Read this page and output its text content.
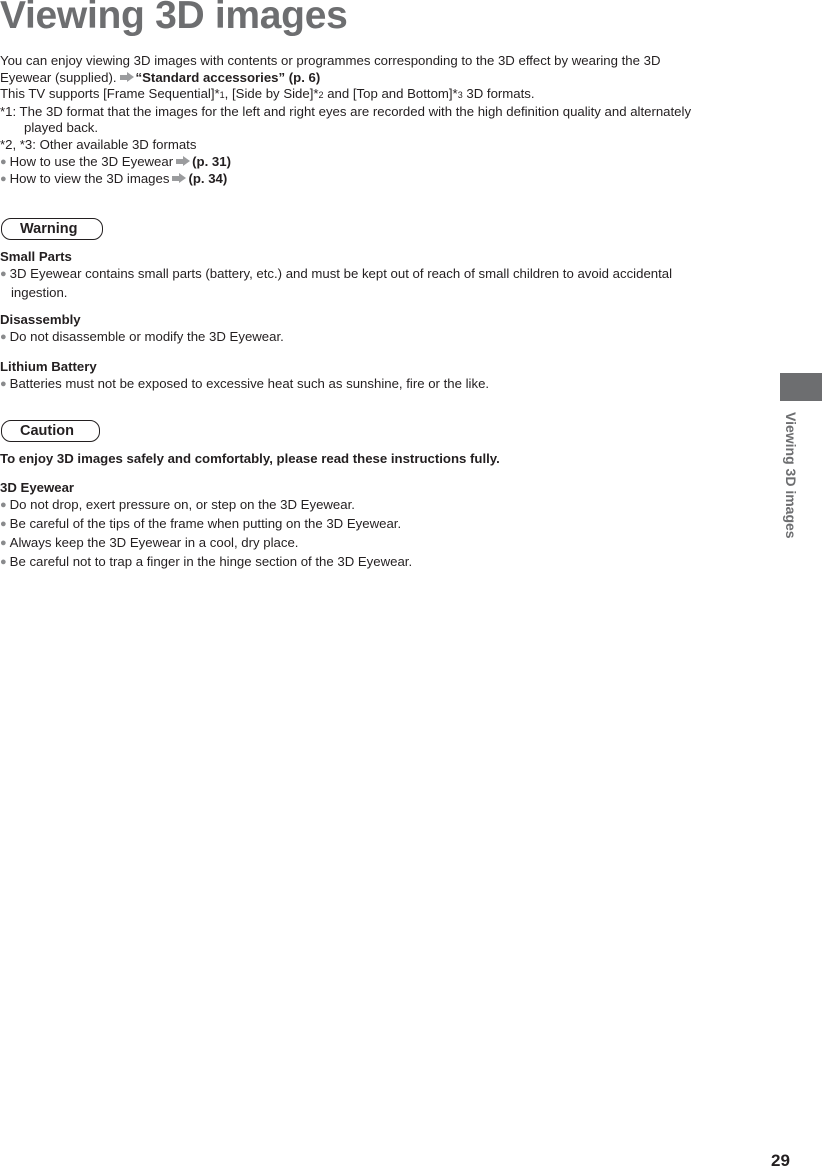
Viewing 3D images
You can enjoy viewing 3D images with contents or programmes corresponding to the 3D effect by wearing the 3D
Eyewear (supplied). “Standard accessories” (p. 6)
This TV supports [Frame Sequential]*1, [Side by Side]*2 and [Top and Bottom]*3 3D formats.
*1: The 3D format that the images for the left and right eyes are recorded with the high definition quality and alternately
played back.
*2, *3: Other available 3D formats
● How to use the 3D Eyewear (p. 31)
● How to view the 3D images (p. 34)
Warning
Small Parts
● 3D Eyewear contains small parts (battery, etc.) and must be kept out of reach of small children to avoid accidental
ingestion.
Disassembly
● Do not disassemble or modify the 3D Eyewear.
Lithium Battery
● Batteries must not be exposed to excessive heat such as sunshine, fire or the like.
Caution
To enjoy 3D images safely and comfortably, please read these instructions fully.
3D Eyewear
● Do not drop, exert pressure on, or step on the 3D Eyewear.
● Be careful of the tips of the frame when putting on the 3D Eyewear.
● Always keep the 3D Eyewear in a cool, dry place.
● Be careful not to trap a finger in the hinge section of the 3D Eyewear.
Viewing 3D images
29
